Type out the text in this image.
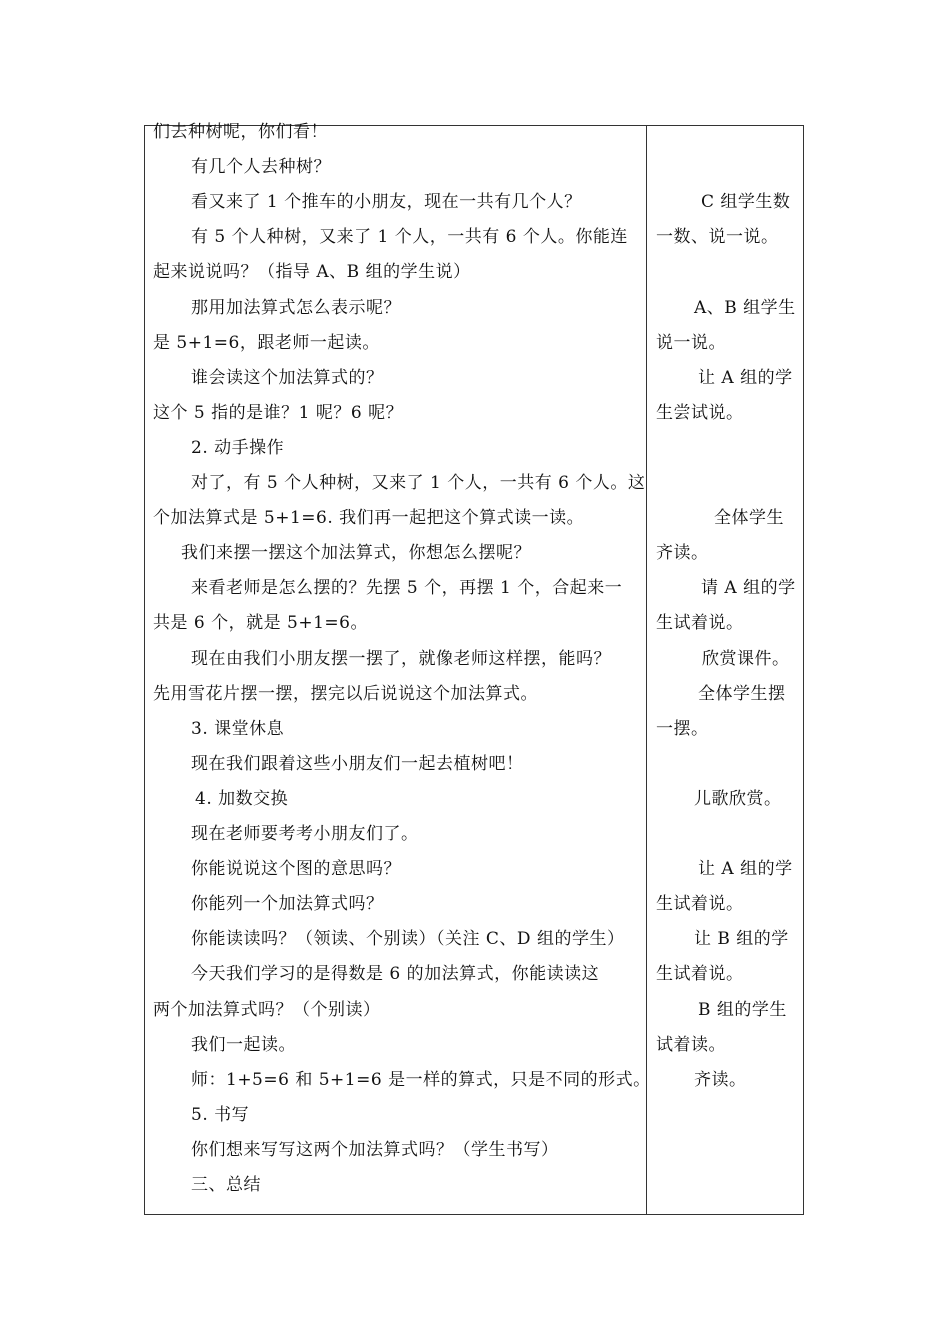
们去种树呢，你们看！
有几个人去种树？
看又来了 1 个推车的小朋友，现在一共有几个人？
有 5 个人种树，又来了 1 个人，一共有 6 个人。你能连
起来说说吗？（指导 A、B 组的学生说）
那用加法算式怎么表示呢？
是 5+1=6，跟老师一起读。
谁会读这个加法算式的？
这个 5 指的是谁？1 呢？6 呢？
2. 动手操作
对了，有 5 个人种树，又来了 1 个人，一共有 6 个人。这
个加法算式是 5+1=6. 我们再一起把这个算式读一读。
我们来摆一摆这个加法算式，你想怎么摆呢？
来看老师是怎么摆的？先摆 5 个，再摆 1 个，合起来一
共是 6 个，就是 5+1=6。
现在由我们小朋友摆一摆了，就像老师这样摆，能吗？
先用雪花片摆一摆，摆完以后说说这个加法算式。
3. 课堂休息
现在我们跟着这些小朋友们一起去植树吧！
4. 加数交换
现在老师要考考小朋友们了。
你能说说这个图的意思吗？
你能列一个加法算式吗？
你能读读吗？（领读、个别读）（关注 C、D 组的学生）
今天我们学习的是得数是 6 的加法算式，你能读读这
两个加法算式吗？（个别读）
我们一起读。
师：1+5=6 和 5+1=6 是一样的算式，只是不同的形式。
5. 书写
你们想来写写这两个加法算式吗？（学生书写）
三、总结
C 组学生数
一数、说一说。
A、B 组学生
说一说。
让 A 组的学
生尝试说。
全体学生
齐读。
请 A 组的学
生试着说。
欣赏课件。
全体学生摆
一摆。
儿歌欣赏。
让 A 组的学
生试着说。
让 B 组的学
生试着说。
B 组的学生
试着读。
齐读。
